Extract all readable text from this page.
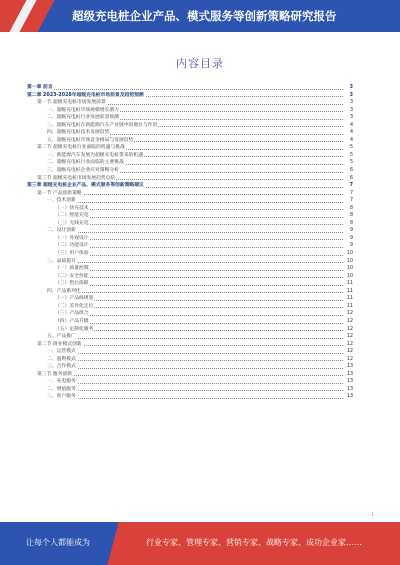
超级充电桩企业产品、模式服务等创新策略研究报告
内容目录
第一章 前言	3
第二章 2023-2028年超级充电桩市场前景及趋势预测	3
第一节 超级充电桩市场发展前景	3
一、超级充电桩市场规模增长潜力	3
二、超级充电桩行业发展前景预测	3
三、超级充电桩在新能源汽车产业链中的地位与作用	4
四、超级充电桩技术发展趋势	4
五、超级充电桩市场竞争格局与发展趋势	4
第二节 超级充电桩行业面临的机遇与挑战	5
一、新能源汽车发展为超级充电桩带来的机遇	5
二、超级充电桩行业面临的主要挑战	5
三、超级充电桩企业应对策略分析	6
第三节 超级充电桩市场发展趋势总结	6
第三章 超级充电桩企业产品、模式服务等创新策略建议	7
第一节 产品创新策略	7
一、技术创新	7
（一）快充技术	8
（二）智能充电	8
（三）无线充电	8
二、设计创新	9
（一）外观设计	9
（二）功能设计	9
（三）用户体验	10
三、品质提升	10
（一）质量控制	10
（二）安全性能	10
（三）售后保障	11
四、产品系列化	11
（一）产品线规划	11
（二）差异化定位	11
（三）产品组合	12
（四）产品升级	12
（五）定制化服务	12
五、产品推广	12
第二节 商业模式创新	12
一、运营模式	12
二、盈利模式	12
三、合作模式	13
第三节 服务创新	13
一、充电服务	13
二、增值服务	13
三、客户服务	13
1
让每个人都能成为	行业专家、管理专家、营销专家、战略专家、成功企业家……
